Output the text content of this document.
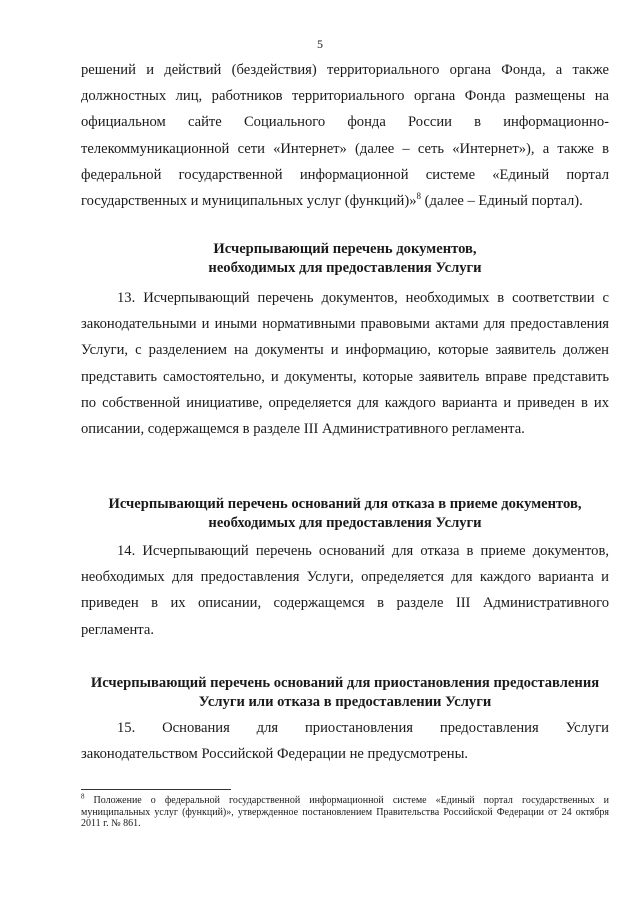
5

решений и действий (бездействия) территориального органа Фонда, а также должностных лиц, работников территориального органа Фонда размещены на официальном сайте Социального фонда России в информационно-телекоммуникационной сети «Интернет» (далее – сеть «Интернет»), а также в федеральной государственной информационной системе «Единый портал государственных и муниципальных услуг (функций)»$^8$ (далее – Единый портал).

Исчерпывающий перечень документов,
необходимых для предоставления Услуги

13. Исчерпывающий перечень документов, необходимых в соответствии с законодательными и иными нормативными правовыми актами для предоставления Услуги, с разделением на документы и информацию, которые заявитель должен представить самостоятельно, и документы, которые заявитель вправе представить по собственной инициативе, определяется для каждого варианта и приведен в их описании, содержащемся в разделе III Административного регламента.

Исчерпывающий перечень оснований для отказа в приеме документов,
необходимых для предоставления Услуги

14. Исчерпывающий перечень оснований для отказа в приеме документов, необходимых для предоставления Услуги, определяется для каждого варианта и приведен в их описании, содержащемся в разделе III Административного регламента.

Исчерпывающий перечень оснований для приостановления предоставления
Услуги или отказа в предоставлении Услуги

15. Основания для приостановления предоставления Услуги законодательством Российской Федерации не предусмотрены.

$^8$ Положение о федеральной государственной информационной системе «Единый портал государственных и муниципальных услуг (функций)», утвержденное постановлением Правительства Российской Федерации от 24 октября 2011 г. № 861.
